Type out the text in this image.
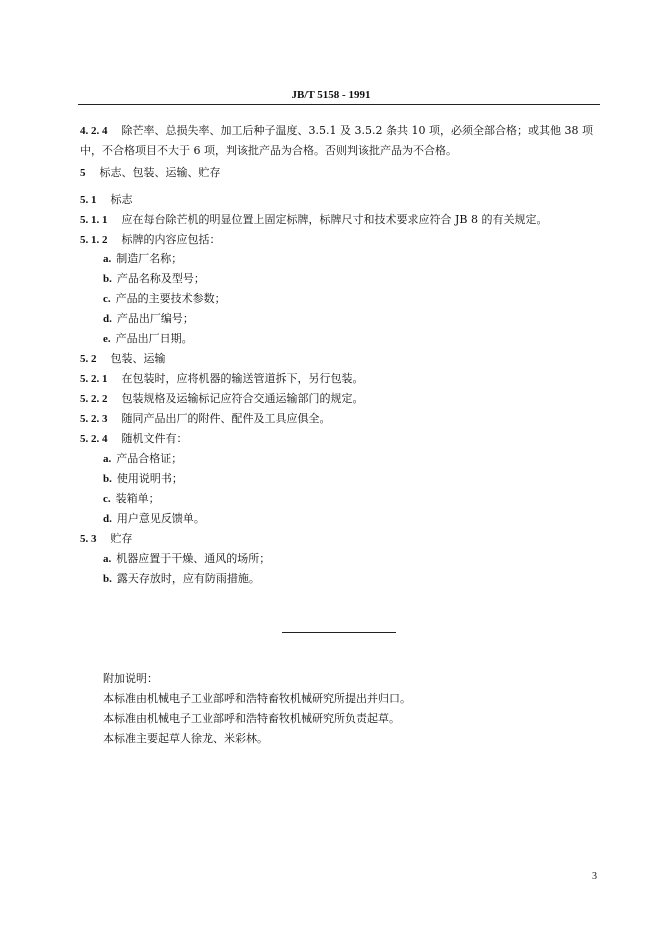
JB/T 5158 - 1991
4. 2. 4 除芒率、总损失率、加工后种子温度、3.5.1 及 3.5.2 条共 10 项，必须全部合格；或其他 38 项
中，不合格项目不大于 6 项，判该批产品为合格。否则判该批产品为不合格。
5 标志、包装、运输、贮存
5. 1 标志
5. 1. 1 应在每台除芒机的明显位置上固定标牌，标牌尺寸和技术要求应符合 JB 8 的有关规定。
5. 1. 2 标牌的内容应包括：
a. 制造厂名称；
b. 产品名称及型号；
c. 产品的主要技术参数；
d. 产品出厂编号；
e. 产品出厂日期。
5. 2 包装、运输
5. 2. 1 在包装时，应将机器的输送管道拆下，另行包装。
5. 2. 2 包装规格及运输标记应符合交通运输部门的规定。
5. 2. 3 随同产品出厂的附件、配件及工具应俱全。
5. 2. 4 随机文件有：
a. 产品合格证；
b. 使用说明书；
c. 装箱单；
d. 用户意见反馈单。
5. 3 贮存
a. 机器应置于干燥、通风的场所；
b. 露天存放时，应有防雨措施。
附加说明：
本标准由机械电子工业部呼和浩特畜牧机械研究所提出并归口。
本标准由机械电子工业部呼和浩特畜牧机械研究所负责起草。
本标准主要起草人徐龙、米彩林。
3
